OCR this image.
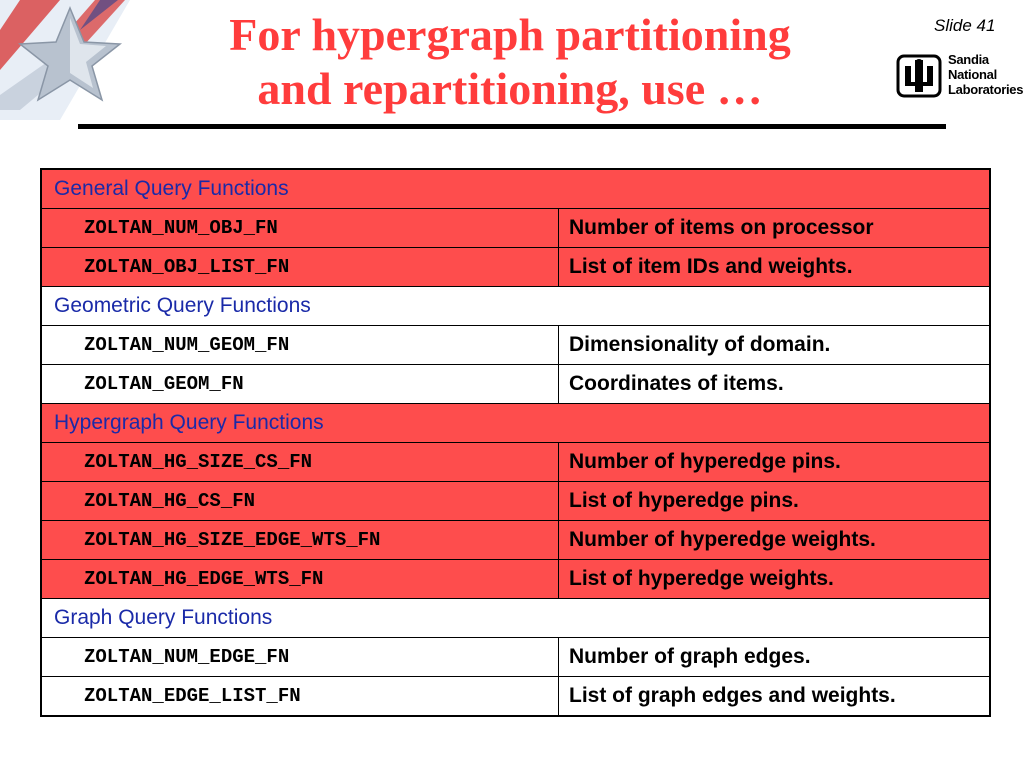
For hypergraph partitioning
and repartitioning, use …
Slide 41
Sandia
National
Laboratories
General Query Functions	
ZOLTAN_NUM_OBJ_FN	Number of items on processor
ZOLTAN_OBJ_LIST_FN	List of item IDs and weights.
Geometric Query Functions	
ZOLTAN_NUM_GEOM_FN	Dimensionality of domain.
ZOLTAN_GEOM_FN	Coordinates of items.
Hypergraph Query Functions	
ZOLTAN_HG_SIZE_CS_FN	Number of hyperedge pins.
ZOLTAN_HG_CS_FN	List of hyperedge pins.
ZOLTAN_HG_SIZE_EDGE_WTS_FN	Number of hyperedge weights.
ZOLTAN_HG_EDGE_WTS_FN	List of hyperedge weights.
Graph Query Functions	
ZOLTAN_NUM_EDGE_FN	Number of graph edges.
ZOLTAN_EDGE_LIST_FN	List of graph edges and weights.
